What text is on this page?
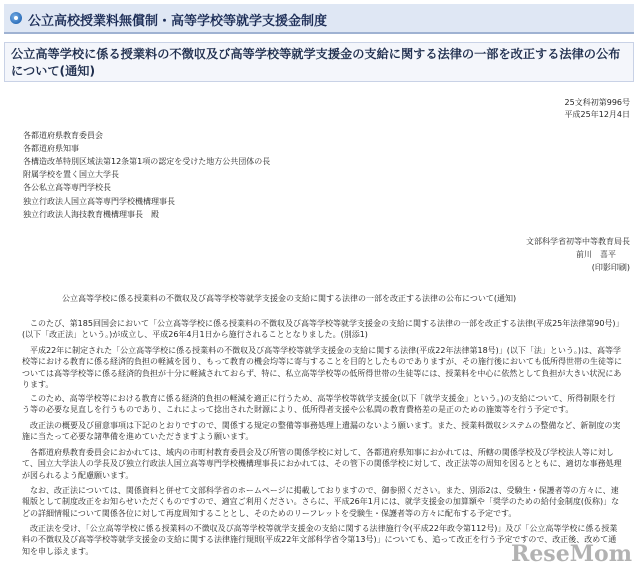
公立高校授業料無償制・高等学校等就学支援金制度
公立高等学校に係る授業料の不徴収及び高等学校等就学支援金の支給に関する法律の一部を改正する法律の公布について(通知)
25文科初第996号
平成25年12月4日
各都道府県教育委員会
各都道府県知事
各構造改革特別区域法第12条第1項の認定を受けた地方公共団体の長
附属学校を置く国立大学長
各公私立高等専門学校長
独立行政法人国立高等専門学校機構理事長
独立行政法人海技教育機構理事長　殿
文部科学省初等中等教育局長
前川　喜平
(印影印刷)
公立高等学校に係る授業料の不徴収及び高等学校等就学支援金の支給に関する法律の一部を改正する法律の公布について(通知)
　このたび、第185回国会において「公立高等学校に係る授業料の不徴収及び高等学校等就学支援金の支給に関する法律の一部を改正する法律(平成25年法律第90号)」(以下「改正法」という。)が成立し、平成26年4月1日から施行されることとなりました。(別添1)
　平成22年に制定された「公立高等学校に係る授業料の不徴収及び高等学校等就学支援金の支給に関する法律(平成22年法律第18号)」(以下「法」という。)は、高等学校等における教育に係る経済的負担の軽減を図り、もって教育の機会均等に寄与することを目的としたものでありますが、その施行後においても低所得世帯の生徒等については高等学校等に係る経済的負担が十分に軽減されておらず、特に、私立高等学校等の低所得世帯の生徒等には、授業料を中心に依然として負担が大きい状況にあります。
　このため、高等学校等における教育に係る経済的負担の軽減を適正に行うため、高等学校等就学支援金(以下「就学支援金」という。)の支給について、所得制限を行う等の必要な見直しを行うものであり、これによって捻出された財源により、低所得者支援や公私間の教育費格差の是正のための施策等を行う予定です。
　改正法の概要及び留意事項は下記のとおりですので、関係する規定の整備等事務処理上遺漏のないよう願います。また、授業料徴収システムの整備など、新制度の実施に当たって必要な諸準備を進めていただきますよう願います。
　各都道府県教育委員会におかれては、域内の市町村教育委員会及び所管の関係学校に対して、各都道府県知事におかれては、所轄の関係学校及び学校法人等に対して、国立大学法人の学長及び独立行政法人国立高等専門学校機構理事長におかれては、その管下の関係学校に対して、改正法等の周知を図るとともに、適切な事務処理が図られるよう配慮願います。
　なお、改正法については、関係資料と併せて文部科学省のホームページに掲載しておりますので、御参照ください。また、別添2は、受験生・保護者等の方々に、速報版として制度改正をお知らせいただくものですので、適宜ご利用ください。さらに、平成26年1月には、就学支援金の加算額や「奨学のための給付金制度(仮称)」などの詳細情報について関係各位に対して再度周知することとし、そのためのリーフレットを受験生・保護者等の方々に配布する予定です。
　改正法を受け、「公立高等学校に係る授業料の不徴収及び高等学校等就学支援金の支給に関する法律施行令(平成22年政令第112号)」及び「公立高等学校に係る授業料の不徴収及び高等学校等就学支援金の支給に関する法律施行規則(平成22年文部科学省令第13号)」についても、追って改正を行う予定ですので、改正後、改めて通知を申し添えます。	ReseMom
